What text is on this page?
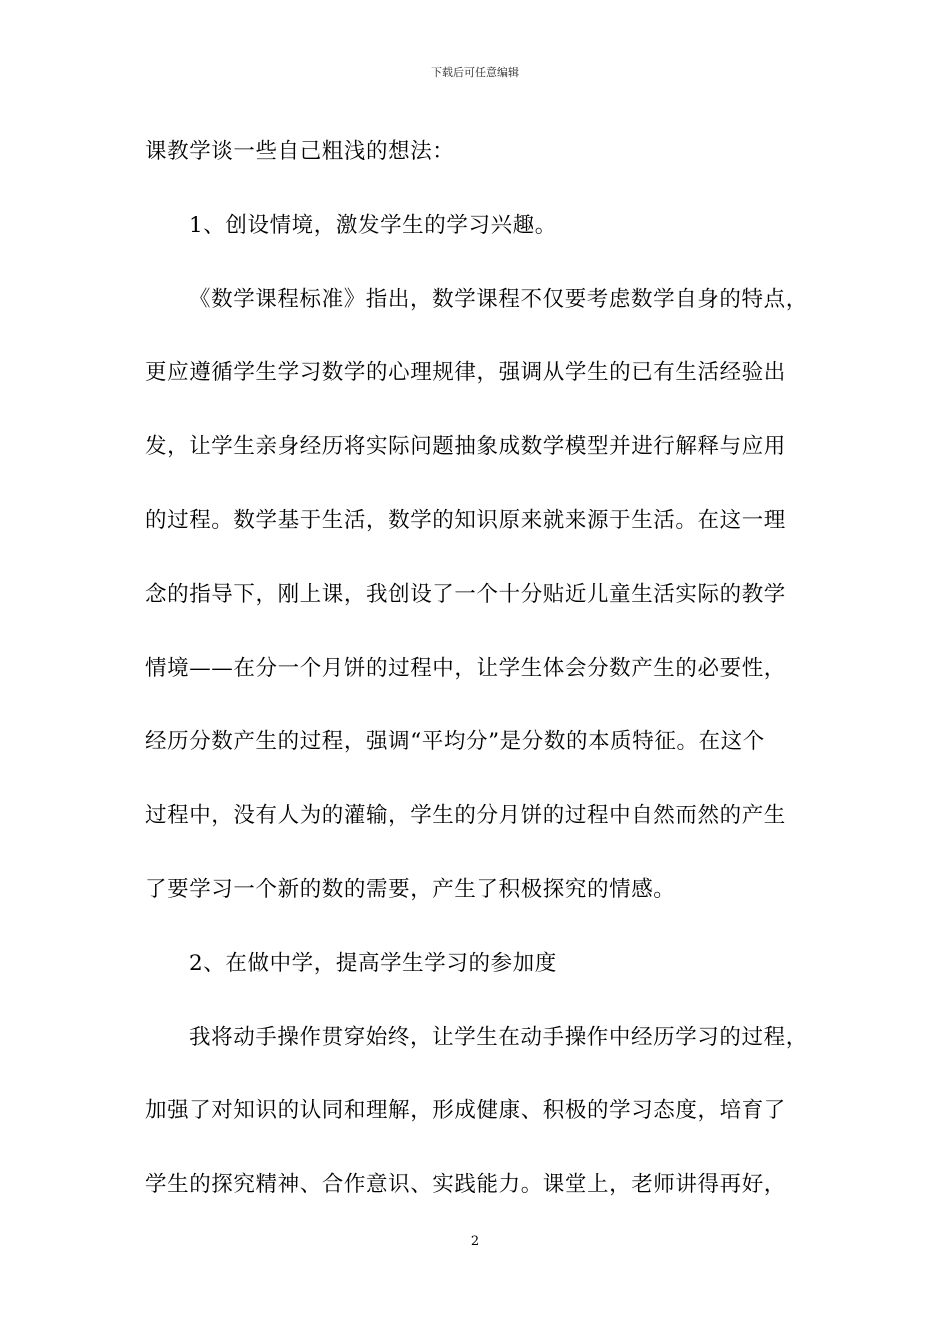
下载后可任意编辑
课教学谈一些自己粗浅的想法：
1、创设情境，激发学生的学习兴趣。
《数学课程标准》指出，数学课程不仅要考虑数学自身的特点，
更应遵循学生学习数学的心理规律，强调从学生的已有生活经验出
发，让学生亲身经历将实际问题抽象成数学模型并进行解释与应用
的过程。数学基于生活，数学的知识原来就来源于生活。在这一理
念的指导下，刚上课，我创设了一个十分贴近儿童生活实际的教学
情境——在分一个月饼的过程中，让学生体会分数产生的必要性，
经历分数产生的过程，强调“平均分”是分数的本质特征。在这个
过程中，没有人为的灌输，学生的分月饼的过程中自然而然的产生
了要学习一个新的数的需要，产生了积极探究的情感。
2、在做中学，提高学生学习的参加度
我将动手操作贯穿始终，让学生在动手操作中经历学习的过程，
加强了对知识的认同和理解，形成健康、积极的学习态度，培育了
学生的探究精神、合作意识、实践能力。课堂上，老师讲得再好，
2
